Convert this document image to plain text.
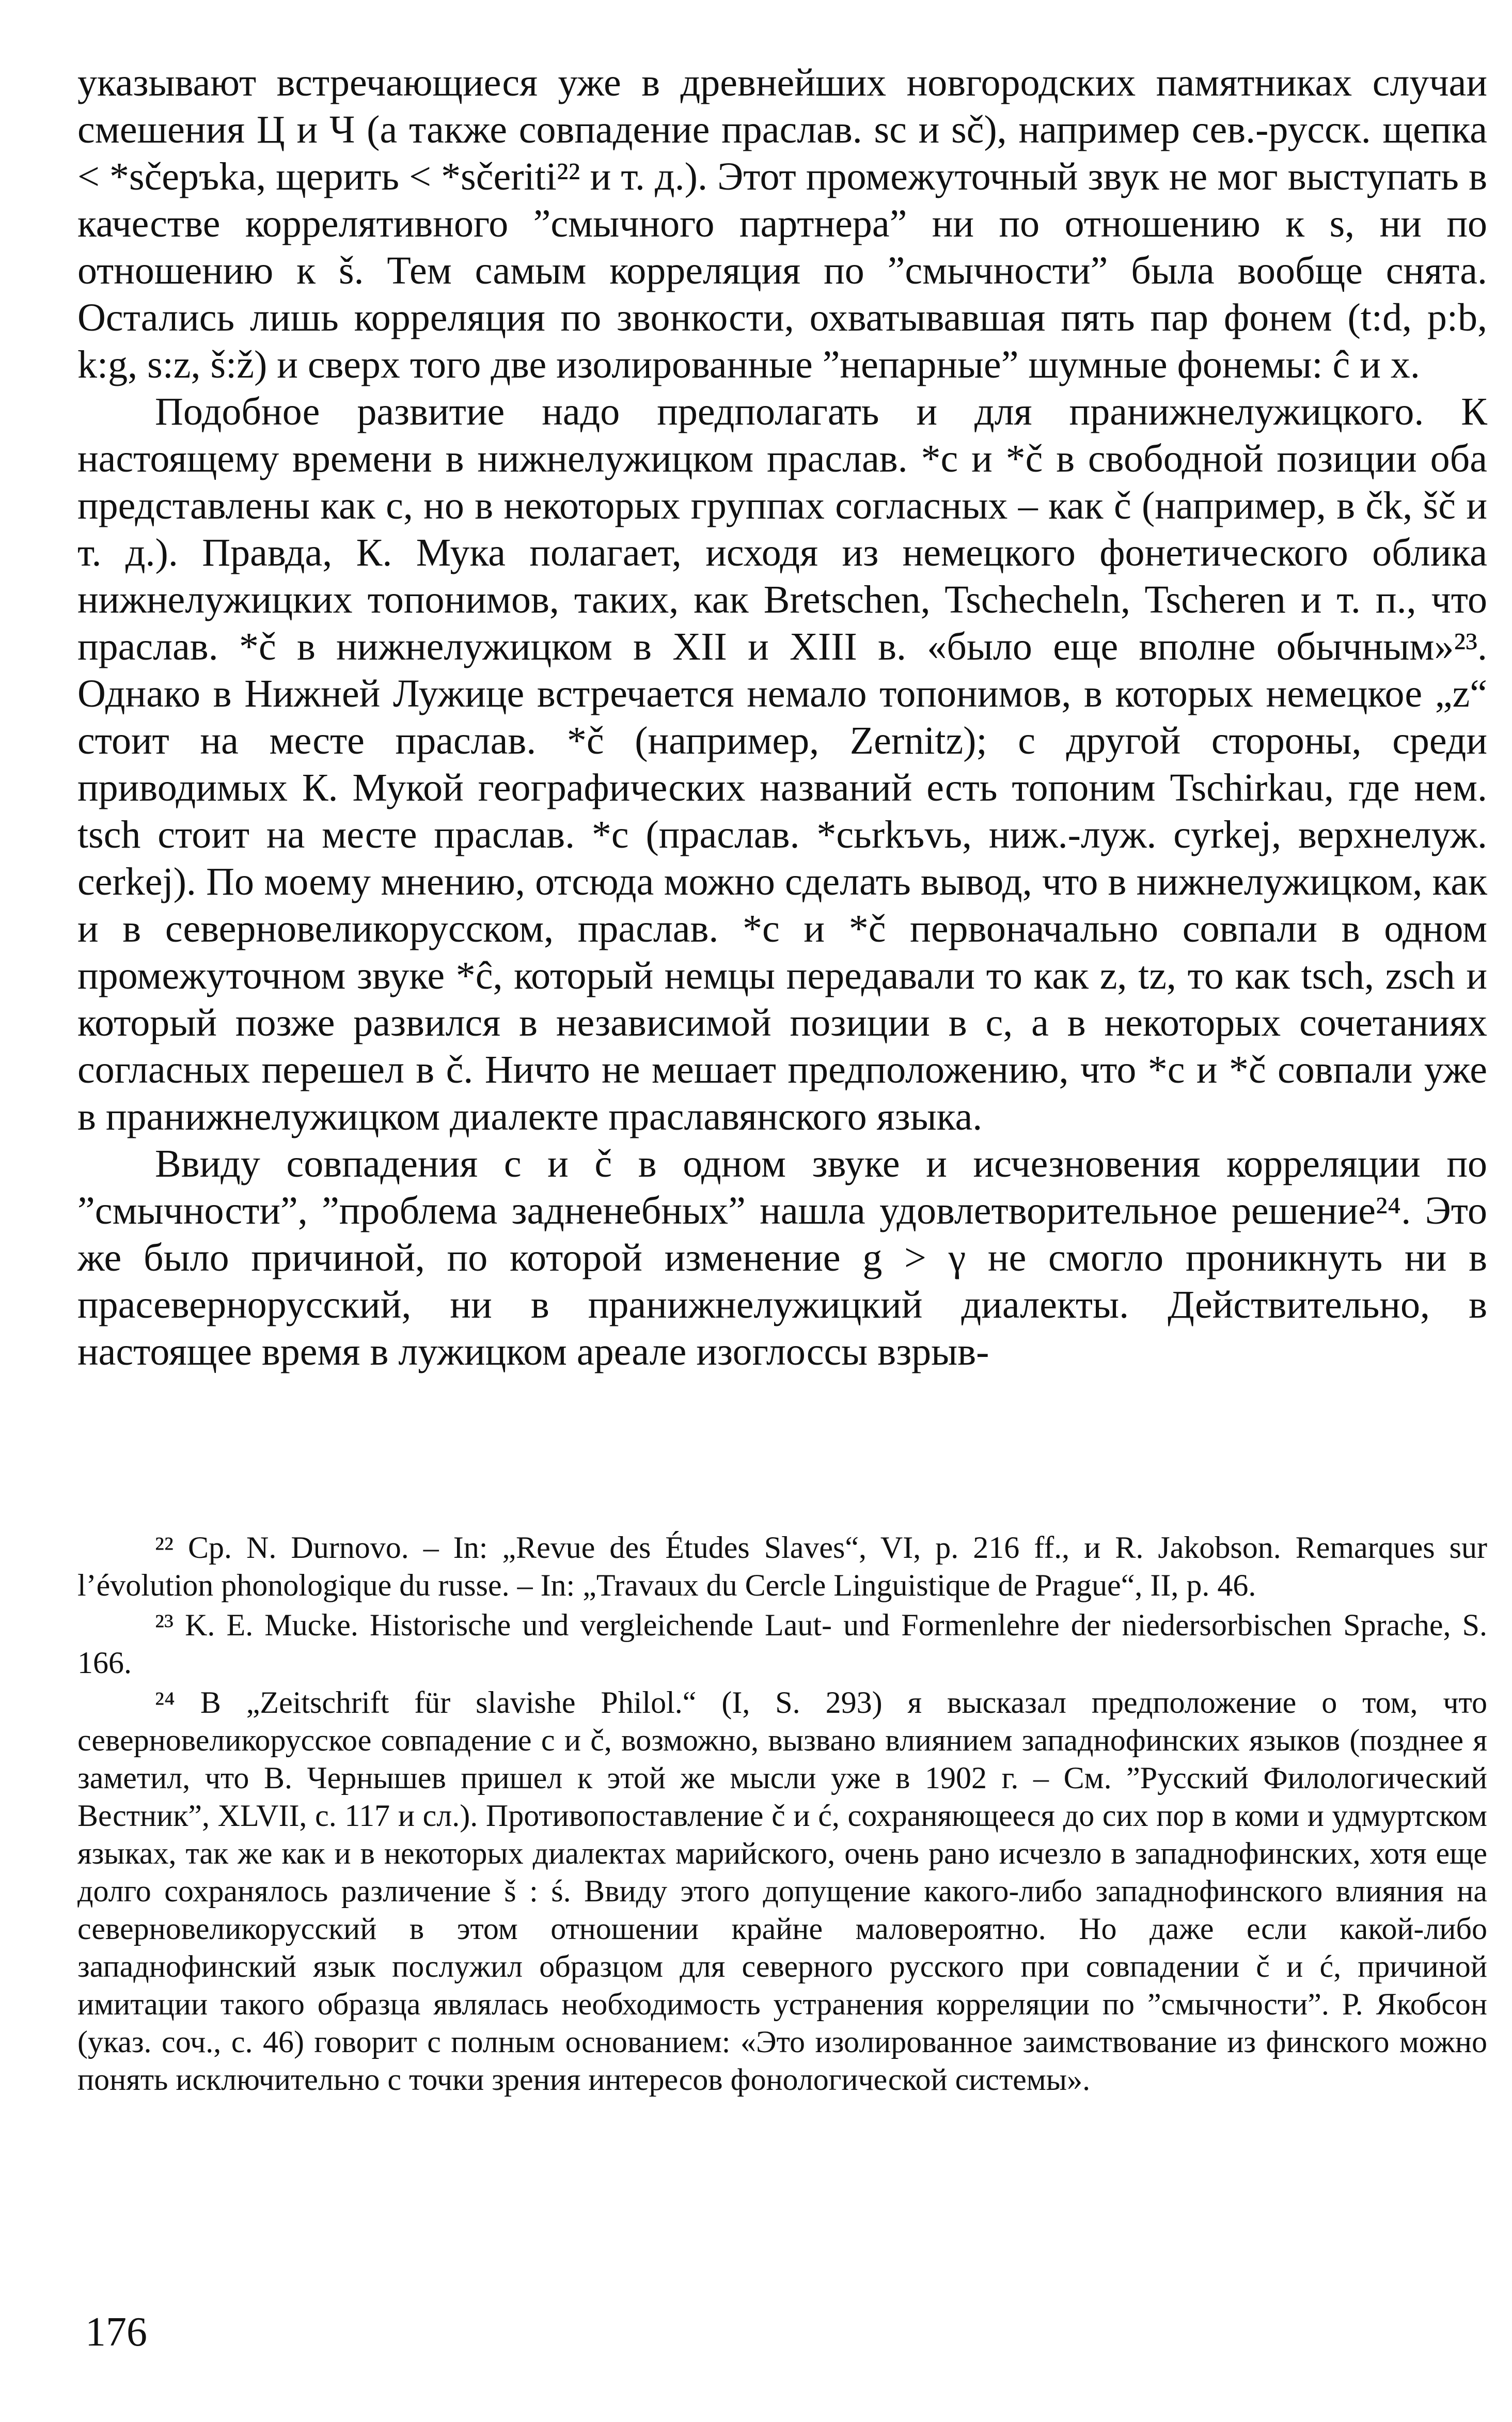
указывают встречающиеся уже в древнейших новгородских памятниках случаи смешения Ц и Ч (а также совпадение праслав. sc и sč), например сев.-русск. щепка < *sčepъka, щерить < *sčeriti²² и т. д.). Этот промежуточный звук не мог выступать в качестве коррелятивного ”смычного партнера” ни по отношению к s, ни по отношению к š. Тем самым корреляция по ”смычности” была вообще снята. Остались лишь корреляция по звонкости, охватывавшая пять пар фонем (t:d, p:b, k:g, s:z, š:ž) и сверх того две изолированные ”непарные” шумные фонемы: ĉ и x.

Подобное развитие надо предполагать и для пранижнелужицкого. К настоящему времени в нижнелужицком праслав. *c и *č в свободной позиции оба представлены как c, но в некоторых группах согласных – как č (например, в čk, šč и т. д.). Правда, К. Мука полагает, исходя из немецкого фонетического облика нижнелужицких топонимов, таких, как Bretschen, Tschecheln, Tscheren и т. п., что праслав. *č в нижнелужицком в XII и XIII в. «было еще вполне обычным»²³. Однако в Нижней Лужице встречается немало топонимов, в которых немецкое „z“ стоит на месте праслав. *č (например, Zernitz); с другой стороны, среди приводимых К. Мукой географических названий есть топоним Tschirkau, где нем. tsch стоит на месте праслав. *c (праслав. *cьrkъvь, ниж.-луж. cyrkej, верхнелуж. cerkej). По моему мнению, отсюда можно сделать вывод, что в нижнелужицком, как и в северновеликорусском, праслав. *c и *č первоначально совпали в одном промежуточном звуке *ĉ, который немцы передавали то как z, tz, то как tsch, zsch и который позже развился в независимой позиции в c, а в некоторых сочетаниях согласных перешел в č. Ничто не мешает предположению, что *c и *č совпали уже в пранижнелужицком диалекте праславянского языка.

Ввиду совпадения c и č в одном звуке и исчезновения корреляции по ”смычности”, ”проблема задненебных” нашла удовлетворительное решение²⁴. Это же было причиной, по которой изменение g > γ не смогло проникнуть ни в прасевернорусский, ни в пранижнелужицкий диалекты. Действительно, в настоящее время в лужицком ареале изоглоссы взрыв-

²² Cp. N. Durnovo. – In: „Revue des Études Slaves“, VI, p. 216 ff., и R. Jakobson. Remarques sur l’évolution phonologique du russe. – In: „Travaux du Cercle Linguistique de Prague“, II, p. 46.

²³ K. E. Mucke. Historische und vergleichende Laut- und Formenlehre der niedersorbischen Sprache, S. 166.

²⁴ В „Zeitschrift für slavishe Philol.“ (I, S. 293) я высказал предположение о том, что северновеликорусское совпадение c и č, возможно, вызвано влиянием западнофинских языков (позднее я заметил, что В. Чернышев пришел к этой же мысли уже в 1902 г. – См. ”Русский Филологический Вестник”, XLVII, с. 117 и сл.). Противопоставление č и ć, сохраняющееся до сих пор в коми и удмуртском языках, так же как и в некоторых диалектах марийского, очень рано исчезло в западнофинских, хотя еще долго сохранялось различение š : ś. Ввиду этого допущение какого-либо западнофинского влияния на северновеликорусский в этом отношении крайне маловероятно. Но даже если какой-либо западнофинский язык послужил образцом для северного русского при совпадении č и ć, причиной имитации такого образца являлась необходимость устранения корреляции по ”смычности”. Р. Якобсон (указ. соч., с. 46) говорит с полным основанием: «Это изолированное заимствование из финского можно понять исключительно с точки зрения интересов фонологической системы».

176
